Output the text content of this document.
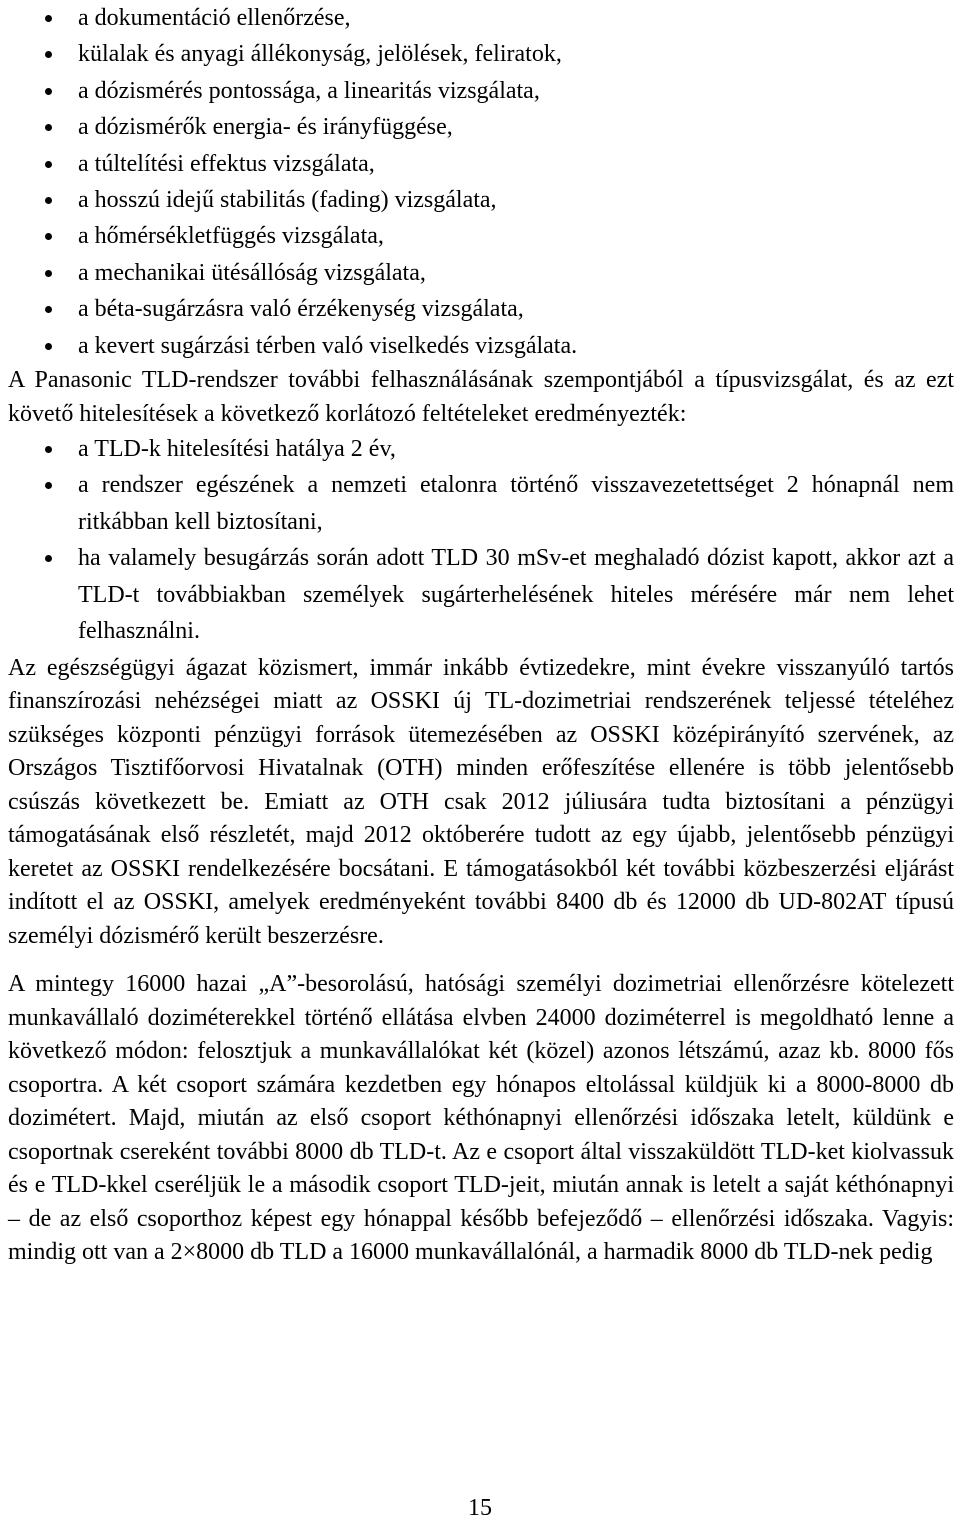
a dokumentáció ellenőrzése,
külalak és anyagi állékonyság, jelölések, feliratok,
a dózismérés pontossága, a linearitás vizsgálata,
a dózismérők energia- és irányfüggése,
a túltelítési effektus vizsgálata,
a hosszú idejű stabilitás (fading) vizsgálata,
a hőmérsékletfüggés vizsgálata,
a mechanikai ütésállóság vizsgálata,
a béta-sugárzásra való érzékenység vizsgálata,
a kevert sugárzási térben való viselkedés vizsgálata.

A Panasonic TLD-rendszer további felhasználásának szempontjából a típusvizsgálat, és az ezt követő hitelesítések a következő korlátozó feltételeket eredményezték:

a TLD-k hitelesítési hatálya 2 év,
a rendszer egészének a nemzeti etalonra történő visszavezetettséget 2 hónapnál nem ritkábban kell biztosítani,
ha valamely besugárzás során adott TLD 30 mSv-et meghaladó dózist kapott, akkor azt a TLD-t továbbiakban személyek sugárterhelésének hiteles mérésére már nem lehet felhasználni.

Az egészségügyi ágazat közismert, immár inkább évtizedekre, mint évekre visszanyúló tartós finanszírozási nehézségei miatt az OSSKI új TL-dozimetriai rendszerének teljessé tételéhez szükséges központi pénzügyi források ütemezésében az OSSKI középirányító szervének, az Országos Tisztifőorvosi Hivatalnak (OTH) minden erőfeszítése ellenére is több jelentősebb csúszás következett be. Emiatt az OTH csak 2012 júliusára tudta biztosítani a pénzügyi támogatásának első részletét, majd 2012 októberére tudott az egy újabb, jelentősebb pénzügyi keretet az OSSKI rendelkezésére bocsátani. E támogatásokból két további közbeszerzési eljárást indított el az OSSKI, amelyek eredményeként további 8400 db és 12000 db UD-802AT típusú személyi dózismérő került beszerzésre.

A mintegy 16000 hazai „A”-besorolású, hatósági személyi dozimetriai ellenőrzésre kötelezett munkavállaló doziméterekkel történő ellátása elvben 24000 doziméterrel is megoldható lenne a következő módon: felosztjuk a munkavállalókat két (közel) azonos létszámú, azaz kb. 8000 fős csoportra. A két csoport számára kezdetben egy hónapos eltolással küldjük ki a 8000-8000 db dozimétert. Majd, miután az első csoport kéthónapnyi ellenőrzési időszaka letelt, küldünk e csoportnak csereként további 8000 db TLD-t. Az e csoport által visszaküldött TLD-ket kiolvassuk és e TLD-kkel cseréljük le a második csoport TLD-jeit, miután annak is letelt a saját kéthónapnyi – de az első csoporthoz képest egy hónappal később befejeződő – ellenőrzési időszaka. Vagyis: mindig ott van a 2×8000 db TLD a 16000 munkavállalónál, a harmadik 8000 db TLD-nek pedig

15
